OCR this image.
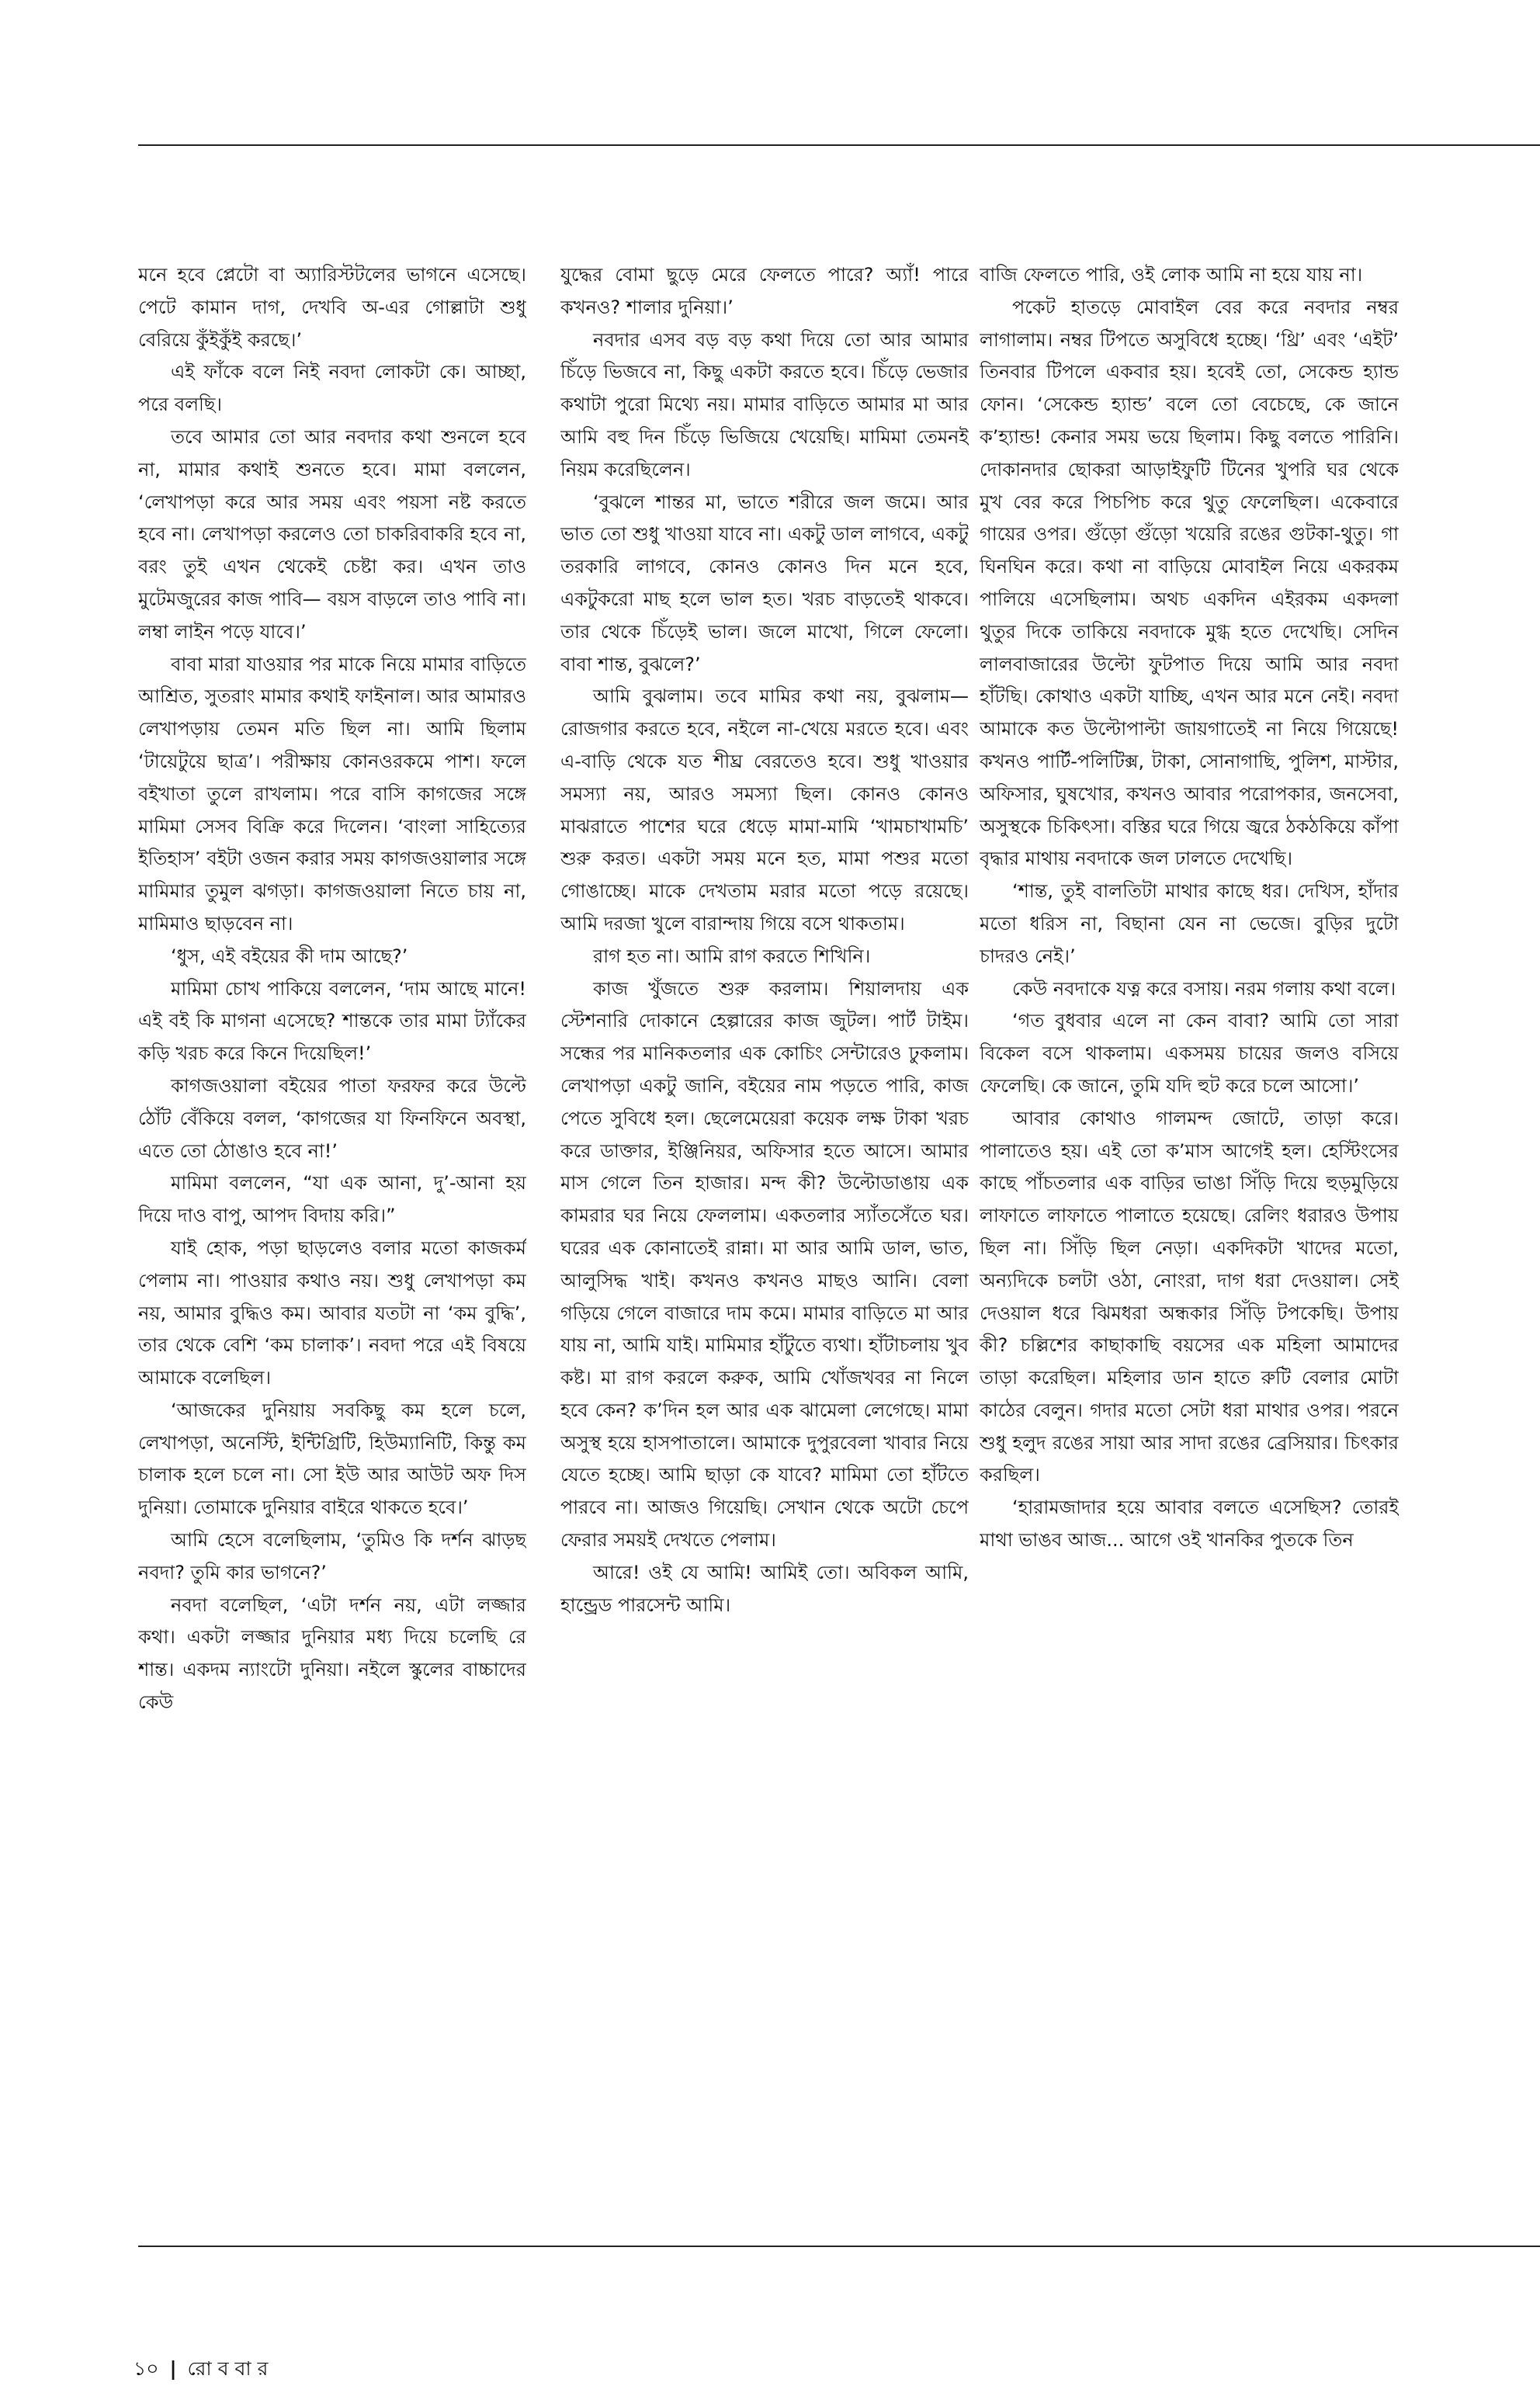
মনে হবে প্লেটো বা অ্যারিস্টটলের ভাগনে এসেছে। পেটে কামান দাগ, দেখবি অ-এর গোল্লাটা শুধু বেরিয়ে কুঁইকুঁই করছে।’

এই ফাঁকে বলে নিই নবদা লোকটা কে। আচ্ছা, পরে বলছি।

তবে আমার তো আর নবদার কথা শুনলে হবে না, মামার কথাই শুনতে হবে। মামা বললেন, ‘লেখাপড়া করে আর সময় এবং পয়সা নষ্ট করতে হবে না। লেখাপড়া করলেও তো চাকরিবাকরি হবে না, বরং তুই এখন থেকেই চেষ্টা কর। এখন তাও মুটেমজুরের কাজ পাবি— বয়স বাড়লে তাও পাবি না। লম্বা লাইন পড়ে যাবে।’

বাবা মারা যাওয়ার পর মাকে নিয়ে মামার বাড়িতে আশ্রিত, সুতরাং মামার কথাই ফাইনাল। আর আমারও লেখাপড়ায় তেমন মতি ছিল না। আমি ছিলাম ‘টায়েটুয়ে ছাত্র’। পরীক্ষায় কোনওরকমে পাশ। ফলে বইখাতা তুলে রাখলাম। পরে বাসি কাগজের সঙ্গে মামিমা সেসব বিক্রি করে দিলেন। ‘বাংলা সাহিত্যের ইতিহাস’ বইটা ওজন করার সময় কাগজওয়ালার সঙ্গে মামিমার তুমুল ঝগড়া। কাগজওয়ালা নিতে চায় না, মামিমাও ছাড়বেন না।

‘ধুস, এই বইয়ের কী দাম আছে?’

মামিমা চোখ পাকিয়ে বললেন, ‘দাম আছে মানে! এই বই কি মাগনা এসেছে? শান্তকে তার মামা ট্যাঁকের কড়ি খরচ করে কিনে দিয়েছিল!’

কাগজওয়ালা বইয়ের পাতা ফরফর করে উল্টে ঠোঁট বেঁকিয়ে বলল, ‘কাগজের যা ফিনফিনে অবস্থা, এতে তো ঠোঙাও হবে না!’

মামিমা বললেন, “যা এক আনা, দু’-আনা হয় দিয়ে দাও বাপু, আপদ বিদায় করি।”

যাই হোক, পড়া ছাড়লেও বলার মতো কাজকর্ম পেলাম না। পাওয়ার কথাও নয়। শুধু লেখাপড়া কম নয়, আমার বুদ্ধিও কম। আবার যতটা না ‘কম বুদ্ধি’, তার থেকে বেশি ‘কম চালাক’। নবদা পরে এই বিষয়ে আমাকে বলেছিল।

‘আজকের দুনিয়ায় সবকিছু কম হলে চলে, লেখাপড়া, অনেস্টি, ইন্টিগ্রিটি, হিউম্যানিটি, কিন্তু কম চালাক হলে চলে না। সো ইউ আর আউট অফ দিস দুনিয়া। তোমাকে দুনিয়ার বাইরে থাকতে হবে।’

আমি হেসে বলেছিলাম, ‘তুমিও কি দর্শন ঝাড়ছ নবদা? তুমি কার ভাগনে?’

নবদা বলেছিল, ‘এটা দর্শন নয়, এটা লজ্জার কথা। একটা লজ্জার দুনিয়ার মধ্য দিয়ে চলেছি রে শান্ত। একদম ন্যাংটো দুনিয়া। নইলে স্কুলের বাচ্চাদের কেউ

যুদ্ধের বোমা ছুড়ে মেরে ফেলতে পারে? অ্যাঁ! পারে কখনও? শালার দুনিয়া।’

নবদার এসব বড় বড় কথা দিয়ে তো আর আমার চিঁড়ে ভিজবে না, কিছু একটা করতে হবে। চিঁড়ে ভেজার কথাটা পুরো মিথ্যে নয়। মামার বাড়িতে আমার মা আর আমি বহু দিন চিঁড়ে ভিজিয়ে খেয়েছি। মামিমা তেমনই নিয়ম করেছিলেন।

‘বুঝলে শান্তর মা, ভাতে শরীরে জল জমে। আর ভাত তো শুধু খাওয়া যাবে না। একটু ডাল লাগবে, একটু তরকারি লাগবে, কোনও কোনও দিন মনে হবে, একটুকরো মাছ হলে ভাল হত। খরচ বাড়তেই থাকবে। তার থেকে চিঁড়েই ভাল। জলে মাখো, গিলে ফেলো। বাবা শান্ত, বুঝলে?’

আমি বুঝলাম। তবে মামির কথা নয়, বুঝলাম— রোজগার করতে হবে, নইলে না-খেয়ে মরতে হবে। এবং এ-বাড়ি থেকে যত শীঘ্র বেরতেও হবে। শুধু খাওয়ার সমস্যা নয়, আরও সমস্যা ছিল। কোনও কোনও মাঝরাতে পাশের ঘরে ধেড়ে মামা-মামি ‘খামচাখামচি’ শুরু করত। একটা সময় মনে হত, মামা পশুর মতো গোঙাচ্ছে। মাকে দেখতাম মরার মতো পড়ে রয়েছে। আমি দরজা খুলে বারান্দায় গিয়ে বসে থাকতাম।

রাগ হত না। আমি রাগ করতে শিখিনি।

কাজ খুঁজতে শুরু করলাম। শিয়ালদায় এক স্টেশনারি দোকানে হেল্পারের কাজ জুটল। পার্ট টাইম। সন্ধের পর মানিকতলার এক কোচিং সেন্টারেও ঢুকলাম। লেখাপড়া একটু জানি, বইয়ের নাম পড়তে পারি, কাজ পেতে সুবিধে হল। ছেলেমেয়েরা কয়েক লক্ষ টাকা খরচ করে ডাক্তার, ইঞ্জিনিয়র, অফিসার হতে আসে। আমার মাস গেলে তিন হাজার। মন্দ কী? উল্টোডাঙায় এক কামরার ঘর নিয়ে ফেললাম। একতলার স্যাঁতসেঁতে ঘর। ঘরের এক কোনাতেই রান্না। মা আর আমি ডাল, ভাত, আলুসিদ্ধ খাই। কখনও কখনও মাছও আনি। বেলা গড়িয়ে গেলে বাজারে দাম কমে। মামার বাড়িতে মা আর যায় না, আমি যাই। মামিমার হাঁটুতে ব্যথা। হাঁটাচলায় খুব কষ্ট। মা রাগ করলে করুক, আমি খোঁজখবর না নিলে হবে কেন? ক’দিন হল আর এক ঝামেলা লেগেছে। মামা অসুস্থ হয়ে হাসপাতালে। আমাকে দুপুরবেলা খাবার নিয়ে যেতে হচ্ছে। আমি ছাড়া কে যাবে? মামিমা তো হাঁটতে পারবে না। আজও গিয়েছি। সেখান থেকে অটো চেপে ফেরার সময়ই দেখতে পেলাম।

আরে! ওই যে আমি! আমিই তো। অবিকল আমি, হান্ড্রেড পারসেন্ট আমি।

বাজি ফেলতে পারি, ওই লোক আমি না হয়ে যায় না।

পকেট হাতড়ে মোবাইল বের করে নবদার নম্বর লাগালাম। নম্বর টিপতে অসুবিধে হচ্ছে। ‘থ্রি’ এবং ‘এইট’ তিনবার টিপলে একবার হয়। হবেই তো, সেকেন্ড হ্যান্ড ফোন। ‘সেকেন্ড হ্যান্ড’ বলে তো বেচেছে, কে জানে ক’হ্যান্ড! কেনার সময় ভয়ে ছিলাম। কিছু বলতে পারিনি। দোকানদার ছোকরা আড়াইফুটি টিনের খুপরি ঘর থেকে মুখ বের করে পিচপিচ করে থুতু ফেলেছিল। একেবারে গায়ের ওপর। গুঁড়ো গুঁড়ো খয়েরি রঙের গুটকা-থুতু। গা ঘিনঘিন করে। কথা না বাড়িয়ে মোবাইল নিয়ে একরকম পালিয়ে এসেছিলাম। অথচ একদিন এইরকম একদলা থুতুর দিকে তাকিয়ে নবদাকে মুগ্ধ হতে দেখেছি। সেদিন লালবাজারের উল্টো ফুটপাত দিয়ে আমি আর নবদা হাঁটছি। কোথাও একটা যাচ্ছি, এখন আর মনে নেই। নবদা আমাকে কত উল্টোপাল্টা জায়গাতেই না নিয়ে গিয়েছে! কখনও পার্টি-পলিটিক্স, টাকা, সোনাগাছি, পুলিশ, মাস্টার, অফিসার, ঘুষখোর, কখনও আবার পরোপকার, জনসেবা, অসুস্থকে চিকিৎসা। বস্তির ঘরে গিয়ে জ্বরে ঠকঠকিয়ে কাঁপা বৃদ্ধার মাথায় নবদাকে জল ঢালতে দেখেছি।

‘শান্ত, তুই বালতিটা মাথার কাছে ধর। দেখিস, হাঁদার মতো ধরিস না, বিছানা যেন না ভেজে। বুড়ির দুটো চাদরও নেই।’

কেউ নবদাকে যত্ন করে বসায়। নরম গলায় কথা বলে।

‘গত বুধবার এলে না কেন বাবা? আমি তো সারা বিকেল বসে থাকলাম। একসময় চায়ের জলও বসিয়ে ফেলেছি। কে জানে, তুমি যদি হুট করে চলে আসো।’

আবার কোথাও গালমন্দ জোটে, তাড়া করে। পালাতেও হয়। এই তো ক’মাস আগেই হল। হেস্টিংসের কাছে পাঁচতলার এক বাড়ির ভাঙা সিঁড়ি দিয়ে হুড়মুড়িয়ে লাফাতে লাফাতে পালাতে হয়েছে। রেলিং ধরারও উপায় ছিল না। সিঁড়ি ছিল নেড়া। একদিকটা খাদের মতো, অন্যদিকে চলটা ওঠা, নোংরা, দাগ ধরা দেওয়াল। সেই দেওয়াল ধরে ঝিমধরা অন্ধকার সিঁড়ি টপকেছি। উপায় কী? চল্লিশের কাছাকাছি বয়সের এক মহিলা আমাদের তাড়া করেছিল। মহিলার ডান হাতে রুটি বেলার মোটা কাঠের বেলুন। গদার মতো সেটা ধরা মাথার ওপর। পরনে শুধু হলুদ রঙের সায়া আর সাদা রঙের ব্রেসিয়ার। চিৎকার করছিল।

‘হারামজাদার হয়ে আবার বলতে এসেছিস? তোরই মাথা ভাঙব আজ... আগে ওই খানকির পুতকে তিন

১০ | রো ব বা র
